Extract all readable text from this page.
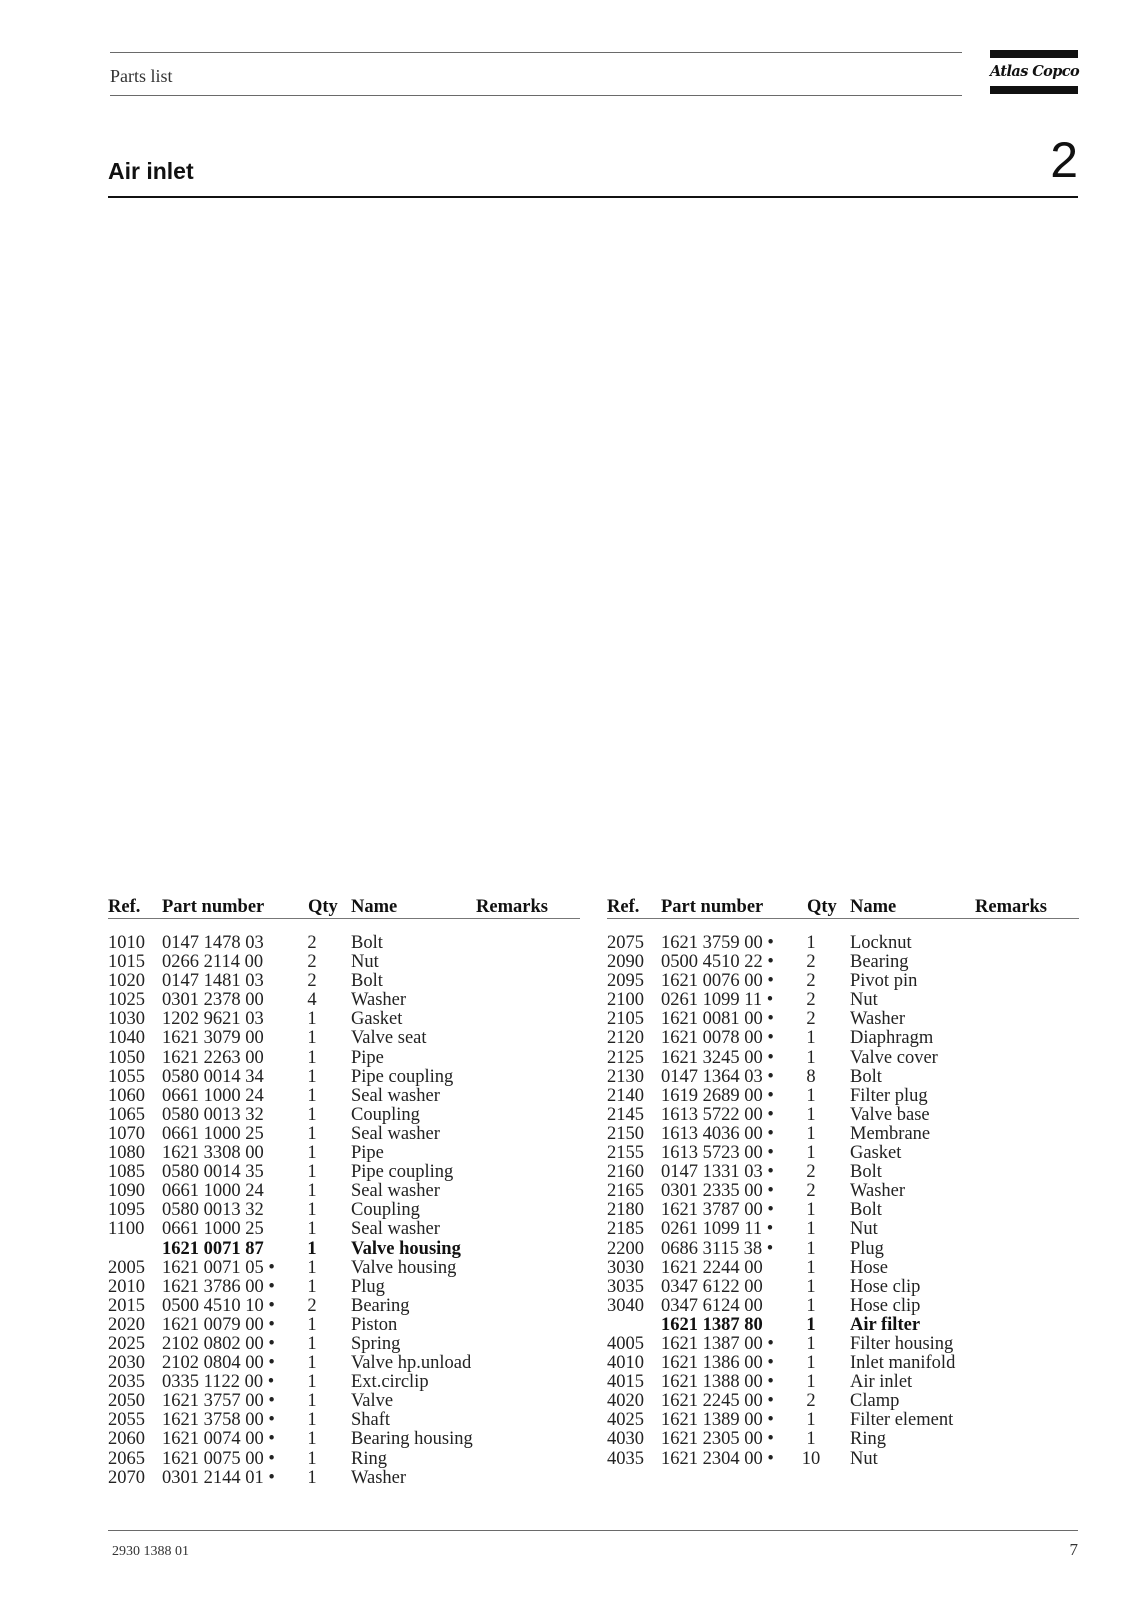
Parts list	Atlas Copco
Air inlet	2
Ref. Part number Qty Name	Remarks
1010 0147 1478 03 2 Bolt
1015 0266 2114 00 2 Nut
1020 0147 1481 03 2 Bolt
1025 0301 2378 00 4 Washer
1030 1202 9621 03 1 Gasket
1040 1621 3079 00 1 Valve seat
1050 1621 2263 00 1 Pipe
1055 0580 0014 34 1 Pipe coupling
1060 0661 1000 24 1 Seal washer
1065 0580 0013 32 1 Coupling
1070 0661 1000 25 1 Seal washer
1080 1621 3308 00 1 Pipe
1085 0580 0014 35 1 Pipe coupling
1090 0661 1000 24 1 Seal washer
1095 0580 0013 32 1 Coupling
1100 0661 1000 25 1 Seal washer
1621 0071 87 1 Valve housing
2005 1621 0071 05 • 1 Valve housing
2010 1621 3786 00 • 1 Plug
2015 0500 4510 10 • 2 Bearing
2020 1621 0079 00 • 1 Piston
2025 2102 0802 00 • 1 Spring
2030 2102 0804 00 • 1 Valve hp.unload
2035 0335 1122 00 • 1 Ext.circlip
2050 1621 3757 00 • 1 Valve
2055 1621 3758 00 • 1 Shaft
2060 1621 0074 00 • 1 Bearing housing
2065 1621 0075 00 • 1 Ring
2070 0301 2144 01 • 1 Washer
Ref. Part number Qty Name	Remarks
2075 1621 3759 00 • 1 Locknut
2090 0500 4510 22 • 2 Bearing
2095 1621 0076 00 • 2 Pivot pin
2100 0261 1099 11 • 2 Nut
2105 1621 0081 00 • 2 Washer
2120 1621 0078 00 • 1 Diaphragm
2125 1621 3245 00 • 1 Valve cover
2130 0147 1364 03 • 8 Bolt
2140 1619 2689 00 • 1 Filter plug
2145 1613 5722 00 • 1 Valve base
2150 1613 4036 00 • 1 Membrane
2155 1613 5723 00 • 1 Gasket
2160 0147 1331 03 • 2 Bolt
2165 0301 2335 00 • 2 Washer
2180 1621 3787 00 • 1 Bolt
2185 0261 1099 11 • 1 Nut
2200 0686 3115 38 • 1 Plug
3030 1621 2244 00 1 Hose
3035 0347 6122 00 1 Hose clip
3040 0347 6124 00 1 Hose clip
1621 1387 80 1 Air filter
4005 1621 1387 00 • 1 Filter housing
4010 1621 1386 00 • 1 Inlet manifold
4015 1621 1388 00 • 1 Air inlet
4020 1621 2245 00 • 2 Clamp
4025 1621 1389 00 • 1 Filter element
4030 1621 2305 00 • 1 Ring
4035 1621 2304 00 • 10 Nut
2930 1388 01	7
